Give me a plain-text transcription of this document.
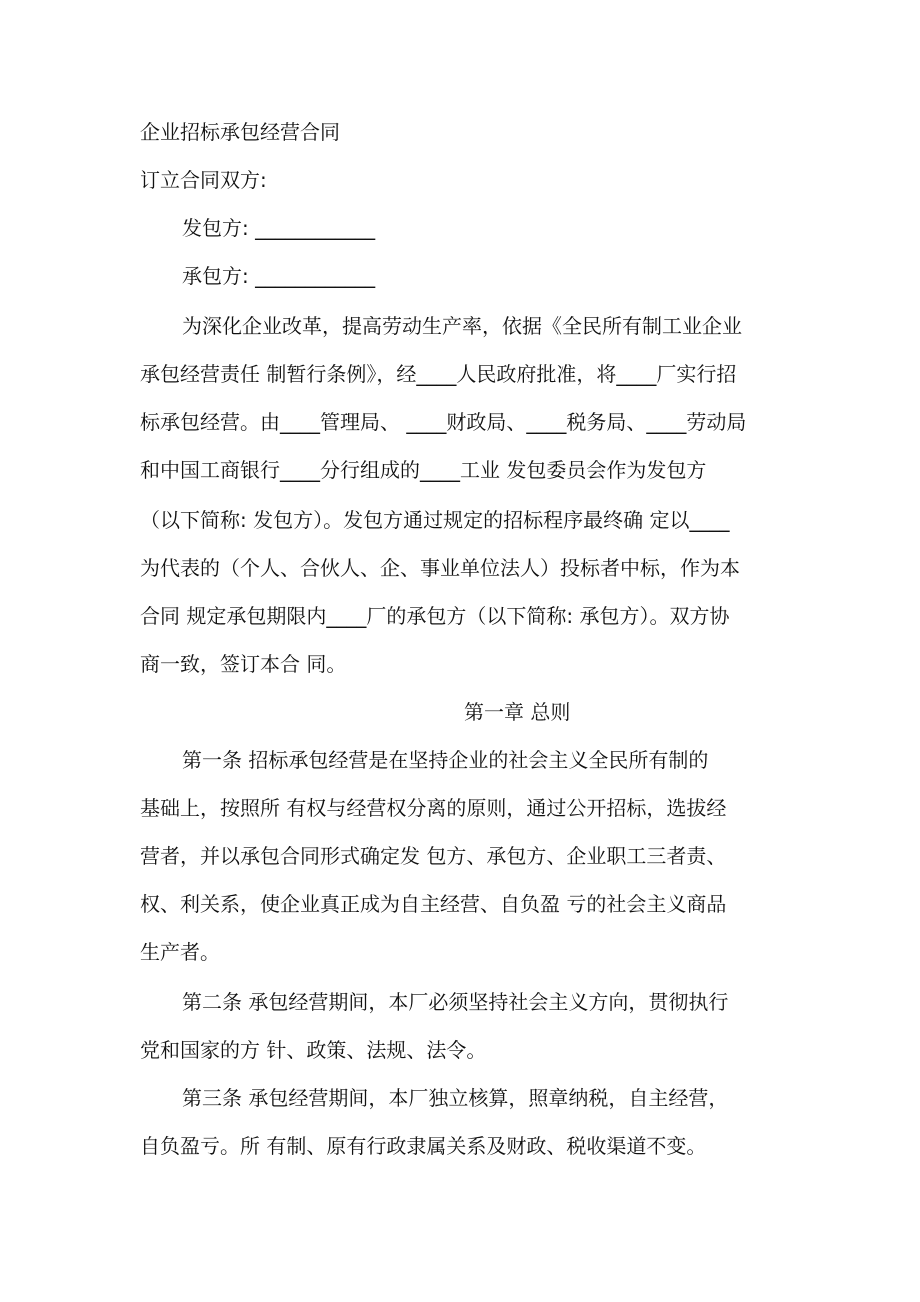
企业招标承包经营合同
订立合同双方:
发包方: ____________
承包方: ____________
为深化企业改革，提高劳动生产率，依据《全民所有制工业企业
承包经营责任 制暂行条例》，经____人民政府批准，将____厂实行招
标承包经营。由____管理局、 ____财政局、____税务局、____劳动局
和中国工商银行____分行组成的____工业 发包委员会作为发包方
（以下简称: 发包方）。发包方通过规定的招标程序最终确 定以____
为代表的（个人、合伙人、企、事业单位法人）投标者中标，作为本
合同 规定承包期限内____厂的承包方（以下简称: 承包方）。双方协
商一致，签订本合 同。
第一章 总则
第一条 招标承包经营是在坚持企业的社会主义全民所有制的
基础上，按照所 有权与经营权分离的原则，通过公开招标，选拔经
营者，并以承包合同形式确定发 包方、承包方、企业职工三者责、
权、利关系，使企业真正成为自主经营、自负盈 亏的社会主义商品
生产者。
第二条 承包经营期间，本厂必须坚持社会主义方向，贯彻执行
党和国家的方 针、政策、法规、法令。
第三条 承包经营期间，本厂独立核算，照章纳税，自主经营，
自负盈亏。所 有制、原有行政隶属关系及财政、税收渠道不变。
